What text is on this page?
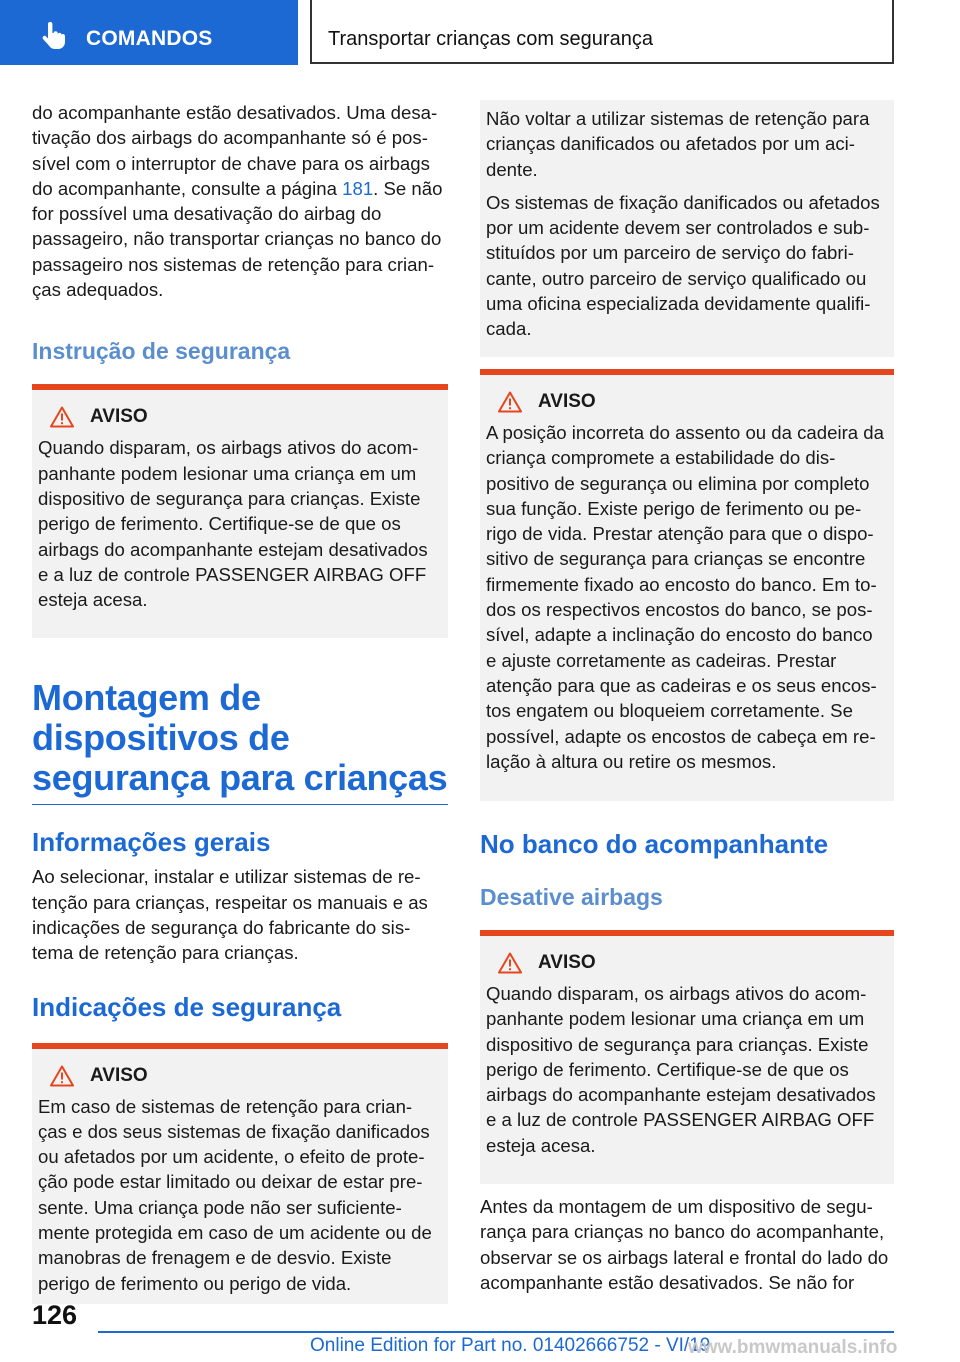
COMANDOS	Transportar crianças com segurança

do acompanhante estão desativados. Uma desa‑ tivação dos airbags do acompanhante só é pos‑ sível com o interruptor de chave para os airbags do acompanhante, consulte a página 181. Se não for possível uma desativação do airbag do passageiro, não transportar crianças no banco do passageiro nos sistemas de retenção para crian‑ ças adequados.

Instrução de segurança
AVISO

Quando disparam, os airbags ativos do acom‑ panhante podem lesionar uma criança em um dispositivo de segurança para crianças. Existe perigo de ferimento. Certifique-se de que os airbags do acompanhante estejam desativados e a luz de controle PASSENGER AIRBAG OFF esteja acesa.

Montagem de dispositivos de segurança para crianças
Informações gerais

Ao selecionar, instalar e utilizar sistemas de re‑ tenção para crianças, respeitar os manuais e as indicações de segurança do fabricante do sis‑ tema de retenção para crianças.

Indicações de segurança
AVISO

Em caso de sistemas de retenção para crian‑ ças e dos seus sistemas de fixação danificados ou afetados por um acidente, o efeito de prote‑ ção pode estar limitado ou deixar de estar pre‑ sente. Uma criança pode não ser suficiente‑ mente protegida em caso de um acidente ou de manobras de frenagem e de desvio. Existe perigo de ferimento ou perigo de vida.

Não voltar a utilizar sistemas de retenção para crianças danificados ou afetados por um aci‑ dente.

Os sistemas de fixação danificados ou afetados por um acidente devem ser controlados e sub‑ stituídos por um parceiro de serviço do fabri‑ cante, outro parceiro de serviço qualificado ou uma oficina especializada devidamente qualifi‑ cada.

AVISO

A posição incorreta do assento ou da cadeira da criança compromete a estabilidade do dis‑ positivo de segurança ou elimina por completo sua função. Existe perigo de ferimento ou pe‑ rigo de vida. Prestar atenção para que o dispo‑ sitivo de segurança para crianças se encontre firmemente fixado ao encosto do banco. Em to‑ dos os respectivos encostos do banco, se pos‑ sível, adapte a inclinação do encosto do banco e ajuste corretamente as cadeiras. Prestar atenção para que as cadeiras e os seus encos‑ tos engatem ou bloqueiem corretamente. Se possível, adapte os encostos de cabeça em re‑ lação à altura ou retire os mesmos.

No banco do acompanhante
Desative airbags
AVISO

Quando disparam, os airbags ativos do acom‑ panhante podem lesionar uma criança em um dispositivo de segurança para crianças. Existe perigo de ferimento. Certifique-se de que os airbags do acompanhante estejam desativados e a luz de controle PASSENGER AIRBAG OFF esteja acesa.

Antes da montagem de um dispositivo de segu‑ rança para crianças no banco do acompanhante, observar se os airbags lateral e frontal do lado do acompanhante estão desativados. Se não for

126
Online Edition for Part no. 01402666752 - VI/19
www.bmwmanuals.info
